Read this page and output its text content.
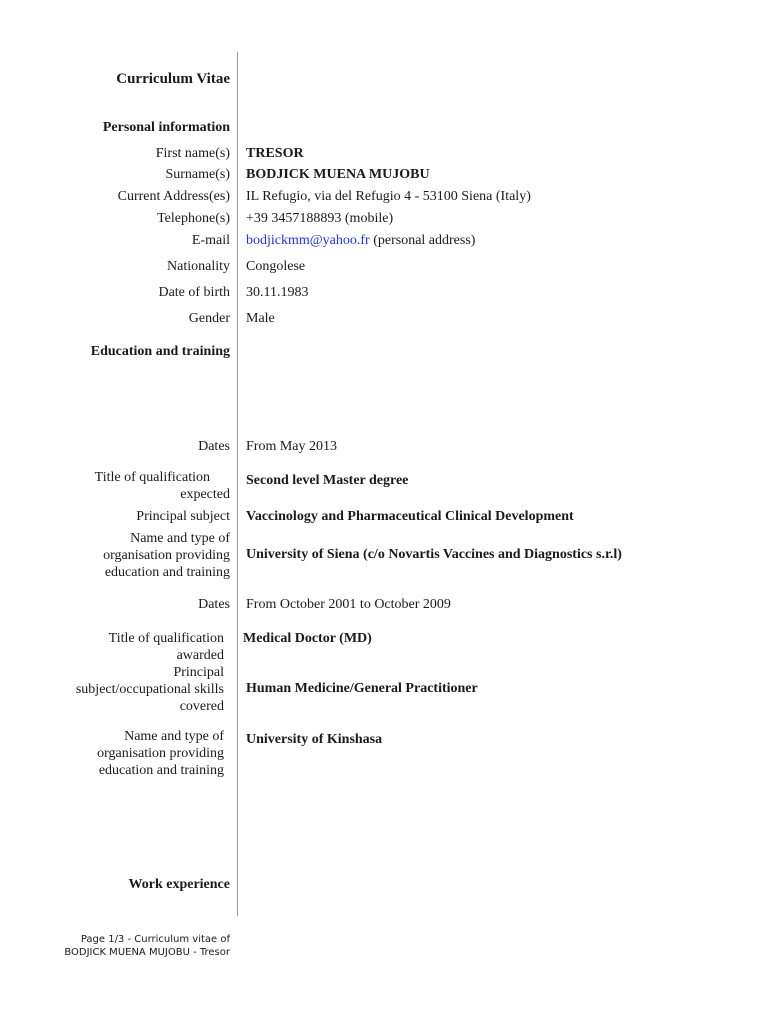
Curriculum Vitae
Personal information
First name(s) TRESOR
Surname(s) BODJICK MUENA MUJOBU
Current Address(es) IL Refugio, via del Refugio 4 - 53100 Siena (Italy)
Telephone(s) +39 3457188893 (mobile)
E-mail bodjickmm@yahoo.fr (personal address)
Nationality Congolese
Date of birth 30.11.1983
Gender Male
Education and training
Dates From May 2013
Title of qualification
expected
Second level Master degree
Principal subject Vaccinology and Pharmaceutical Clinical Development
Name and type of
organisation providing
education and training
University of Siena (c/o Novartis Vaccines and Diagnostics s.r.l)
Dates From October 2001 to October 2009
Title of qualification
awarded
Medical Doctor (MD)
Principal
subject/occupational skills
covered
Human Medicine/General Practitioner
Name and type of
organisation providing
education and training
University of Kinshasa
Work experience
Page 1/3 - Curriculum vitae of
BODJICK MUENA MUJOBU - Tresor
